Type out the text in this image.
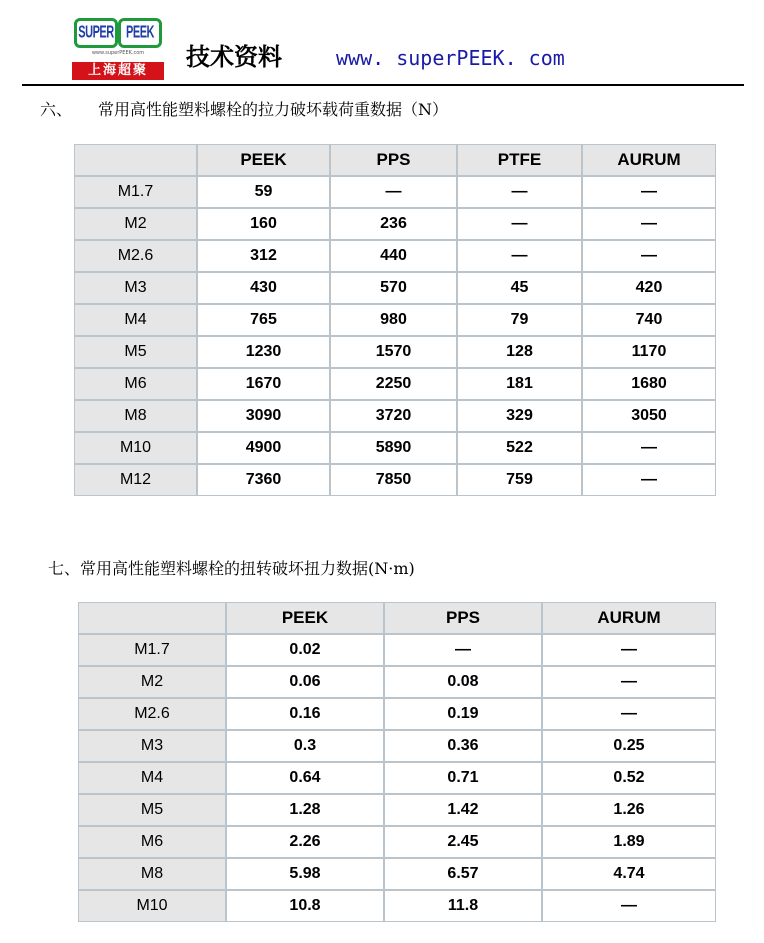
SUPER	PEEK
www.superPEEK.com
上海超聚	技术资料	www. superPEEK. com
六、 常用高性能塑料螺栓的拉力破坏载荷重数据（N）
	PEEK	PPS	PTFE	AURUM
M1.7	59	—	—	—
M2	160	236	—	—
M2.6	312	440	—	—
M3	430	570	45	420
M4	765	980	79	740
M5	1230	1570	128	1170
M6	1670	2250	181	1680
M8	3090	3720	329	3050
M10	4900	5890	522	—
M12	7360	7850	759	—
七、常用高性能塑料螺栓的扭转破坏扭力数据(N·m)
	PEEK	PPS	AURUM
M1.7	0.02	—	—
M2	0.06	0.08	—
M2.6	0.16	0.19	—
M3	0.3	0.36	0.25
M4	0.64	0.71	0.52
M5	1.28	1.42	1.26
M6	2.26	2.45	1.89
M8	5.98	6.57	4.74
M10	10.8	11.8	—
